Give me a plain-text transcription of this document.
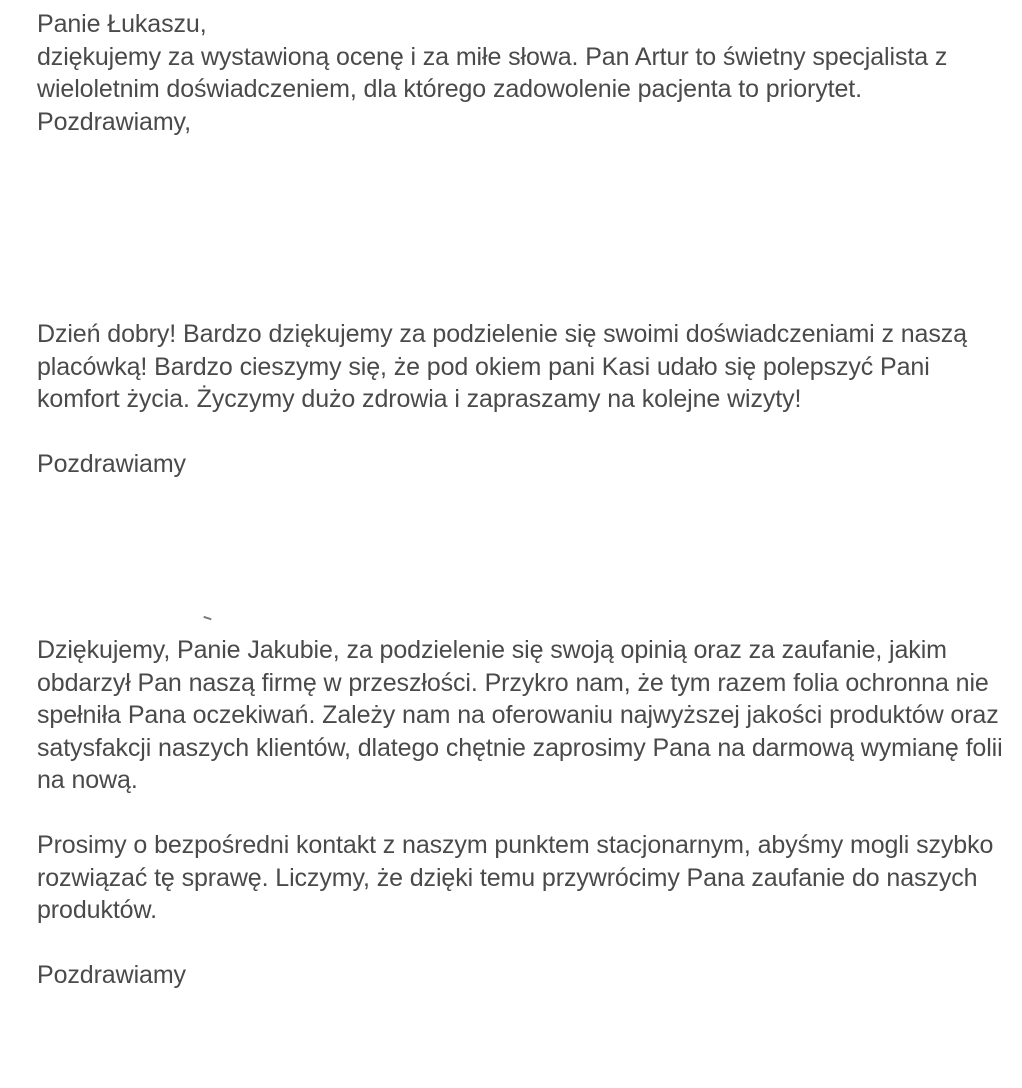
Panie Łukaszu,

dziękujemy za wystawioną ocenę i za miłe słowa. Pan Artur to świetny specjalista z wieloletnim doświadczeniem, dla którego zadowolenie pacjenta to priorytet.

Pozdrawiamy,

Dzień dobry! Bardzo dziękujemy za podzielenie się swoimi doświadczeniami z naszą placówką! Bardzo cieszymy się, że pod okiem pani Kasi udało się polepszyć Pani komfort życia. Życzymy dużo zdrowia i zapraszamy na kolejne wizyty!

Pozdrawiamy

Dziękujemy, Panie Jakubie, za podzielenie się swoją opinią oraz za zaufanie, jakim obdarzył Pan naszą firmę w przeszłości. Przykro nam, że tym razem folia ochronna nie spełniła Pana oczekiwań. Zależy nam na oferowaniu najwyższej jakości produktów oraz satysfakcji naszych klientów, dlatego chętnie zaprosimy Pana na darmową wymianę folii na nową.

Prosimy o bezpośredni kontakt z naszym punktem stacjonarnym, abyśmy mogli szybko rozwiązać tę sprawę. Liczymy, że dzięki temu przywrócimy Pana zaufanie do naszych produktów.

Pozdrawiamy
